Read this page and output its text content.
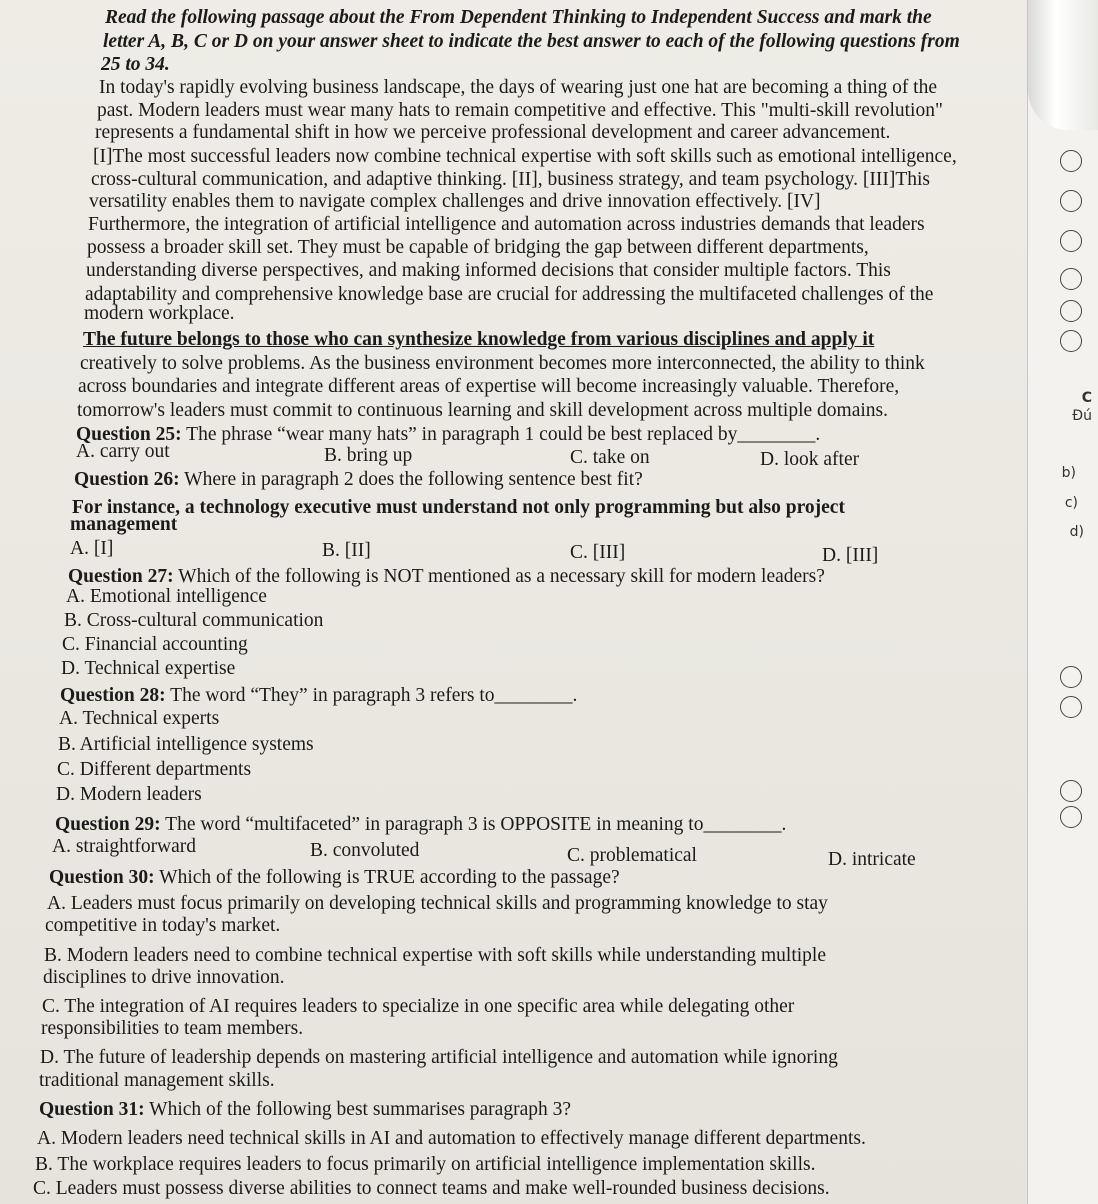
Read the following passage about the From Dependent Thinking to Independent Success and mark the
letter A, B, C or D on your answer sheet to indicate the best answer to each of the following questions from
25 to 34.
In today's rapidly evolving business landscape, the days of wearing just one hat are becoming a thing of the
past. Modern leaders must wear many hats to remain competitive and effective. This "multi-skill revolution"
represents a fundamental shift in how we perceive professional development and career advancement.
[I]The most successful leaders now combine technical expertise with soft skills such as emotional intelligence,
cross-cultural communication, and adaptive thinking. [II], business strategy, and team psychology. [III]This
versatility enables them to navigate complex challenges and drive innovation effectively. [IV]
Furthermore, the integration of artificial intelligence and automation across industries demands that leaders
possess a broader skill set. They must be capable of bridging the gap between different departments,
understanding diverse perspectives, and making informed decisions that consider multiple factors. This
adaptability and comprehensive knowledge base are crucial for addressing the multifaceted challenges of the
modern workplace.
The future belongs to those who can synthesize knowledge from various disciplines and apply it
creatively to solve problems. As the business environment becomes more interconnected, the ability to think
across boundaries and integrate different areas of expertise will become increasingly valuable. Therefore,
tomorrow's leaders must commit to continuous learning and skill development across multiple domains.
Question 25: The phrase “wear many hats” in paragraph 1 could be best replaced by________.
A. carry out	B. bring up	C. take on	D. look after
Question 26: Where in paragraph 2 does the following sentence best fit?
For instance, a technology executive must understand not only programming but also project
management
A. [I]	B. [II]	C. [III]	D. [III]
Question 27: Which of the following is NOT mentioned as a necessary skill for modern leaders?
A. Emotional intelligence
B. Cross-cultural communication
C. Financial accounting
D. Technical expertise
Question 28: The word “They” in paragraph 3 refers to________.
A. Technical experts
B. Artificial intelligence systems
C. Different departments
D. Modern leaders
Question 29: The word “multifaceted” in paragraph 3 is OPPOSITE in meaning to________.
A. straightforward	B. convoluted	C. problematical	D. intricate
Question 30: Which of the following is TRUE according to the passage?
A. Leaders must focus primarily on developing technical skills and programming knowledge to stay
competitive in today's market.
B. Modern leaders need to combine technical expertise with soft skills while understanding multiple
disciplines to drive innovation.
C. The integration of AI requires leaders to specialize in one specific area while delegating other
responsibilities to team members.
D. The future of leadership depends on mastering artificial intelligence and automation while ignoring
traditional management skills.
Question 31: Which of the following best summarises paragraph 3?
A. Modern leaders need technical skills in AI and automation to effectively manage different departments.
B. The workplace requires leaders to focus primarily on artificial intelligence implementation skills.
C. Leaders must possess diverse abilities to connect teams and make well-rounded business decisions.
C
Đú
b)
c)
d)
